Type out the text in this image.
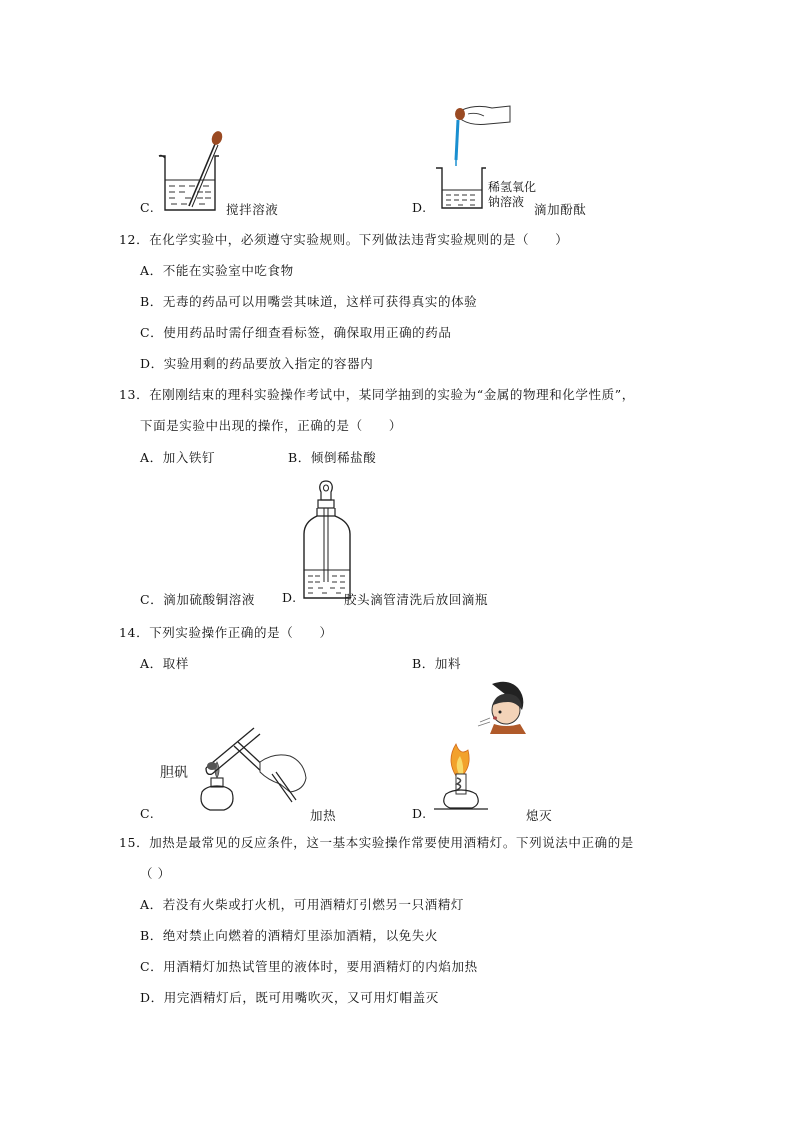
C.	搅拌溶液
稀氢氧化
钠溶液
D.	滴加酚酞
12．在化学实验中，必须遵守实验规则。下列做法违背实验规则的是（　　）
A．不能在实验室中吃食物
B．无毒的药品可以用嘴尝其味道，这样可获得真实的体验
C．使用药品时需仔细查看标签，确保取用正确的药品
D．实验用剩的药品要放入指定的容器内
13．在刚刚结束的理科实验操作考试中，某同学抽到的实验为“金属的物理和化学性质”，
下面是实验中出现的操作，正确的是（　　）
A．加入铁钉	B．倾倒稀盐酸
C．滴加硫酸铜溶液 D.	胶头滴管清洗后放回滴瓶
14．下列实验操作正确的是（　　）
A．取样	B．加料
胆矾
C.	加热	D.	熄灭
15．加热是最常见的反应条件，这一基本实验操作常要使用酒精灯。下列说法中正确的是
（ ）
A．若没有火柴或打火机，可用酒精灯引燃另一只酒精灯
B．绝对禁止向燃着的酒精灯里添加酒精，以免失火
C．用酒精灯加热试管里的液体时，要用酒精灯的内焰加热
D．用完酒精灯后，既可用嘴吹灭，又可用灯帽盖灭
